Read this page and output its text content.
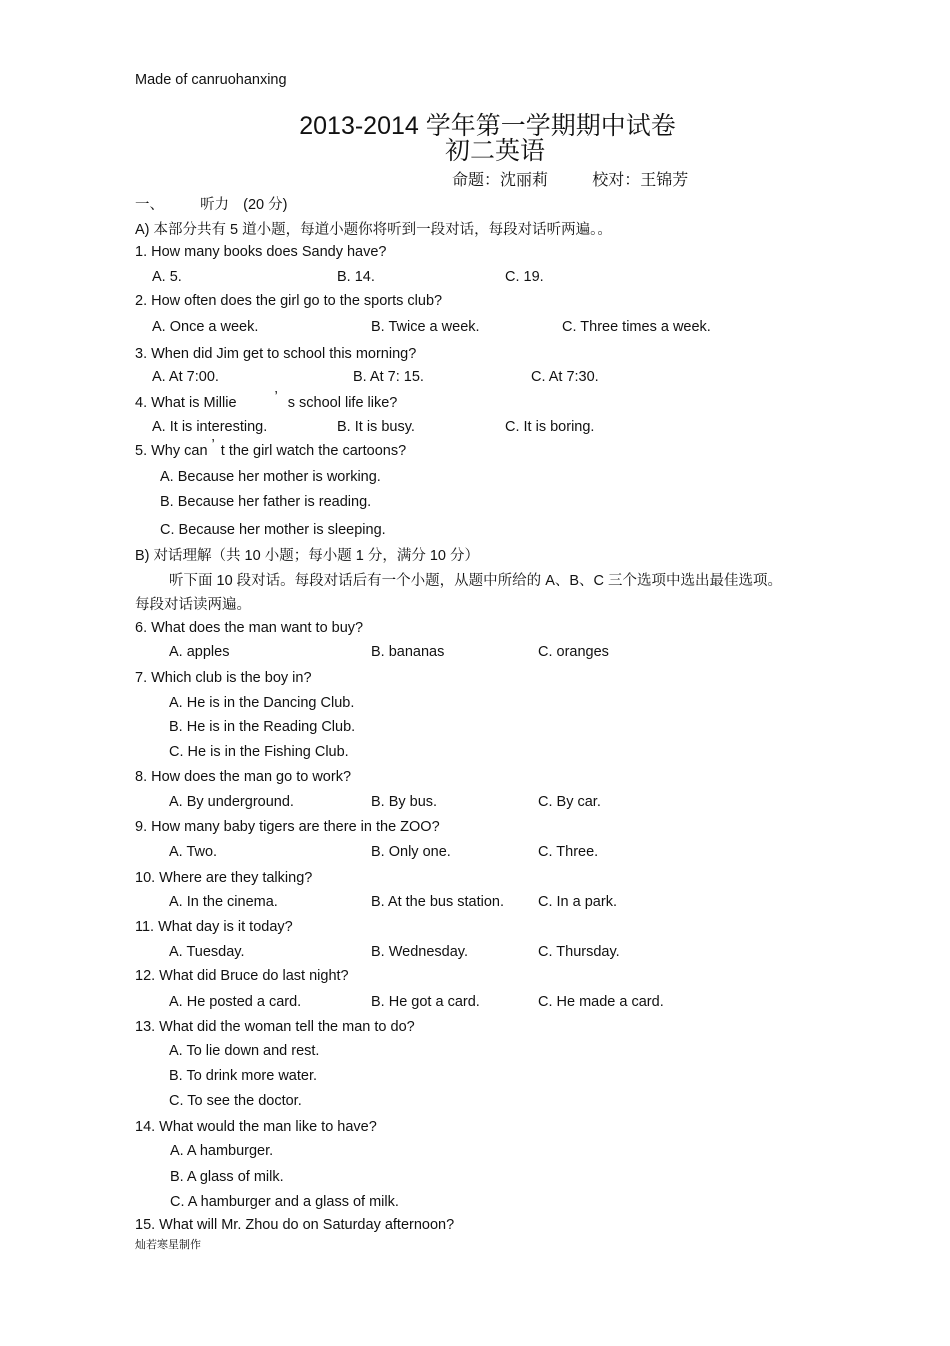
Made of canruohanxing
2013-2014 学年第一学期期中试卷
初二英语
命题：沈丽莉	校对：王锦芳
一、 听力 (20 分)
A) 本部分共有 5 道小题，每道小题你将听到一段对话，每段对话听两遍。。
1. How many books does Sandy have?
A. 5.	B. 14.	C. 19.
2. How often does the girl go to the sports club?
A. Once a week.	B. Twice a week.	C. Three times a week.
3. When did Jim get to school this morning?
A. At 7:00.	B. At 7: 15.	C. At 7:30.
4. What is Millie	’ s school life like?
A. It is interesting.	B. It is busy.	C. It is boring.
5. Why can ’ t the girl watch the cartoons?
A. Because her mother is working.
B. Because her father is reading.
C. Because her mother is sleeping.
B) 对话理解（共 10 小题；每小题 1 分，满分 10 分）
听下面 10 段对话。每段对话后有一个小题，从题中所给的 A、B、C 三个选项中选出最佳选项。
每段对话读两遍。
6. What does the man want to buy?
A. apples	B. bananas	C. oranges
7. Which club is the boy in?
A. He is in the Dancing Club.
B. He is in the Reading Club.
C. He is in the Fishing Club.
8. How does the man go to work?
A. By underground.	B. By bus.	C. By car.
9. How many baby tigers are there in the ZOO?
A. Two.	B. Only one.	C. Three.
10. Where are they talking?
A. In the cinema.	B. At the bus station. C. In a park.
11. What day is it today?
A. Tuesday.	B. Wednesday.	C. Thursday.
12. What did Bruce do last night?
A. He posted a card.	B. He got a card.	C. He made a card.
13. What did the woman tell the man to do?
A. To lie down and rest.
B. To drink more water.
C. To see the doctor.
14. What would the man like to have?
A. A hamburger.
B. A glass of milk.
C. A hamburger and a glass of milk.
15. What will Mr. Zhou do on Saturday afternoon?
灿若寒星制作
